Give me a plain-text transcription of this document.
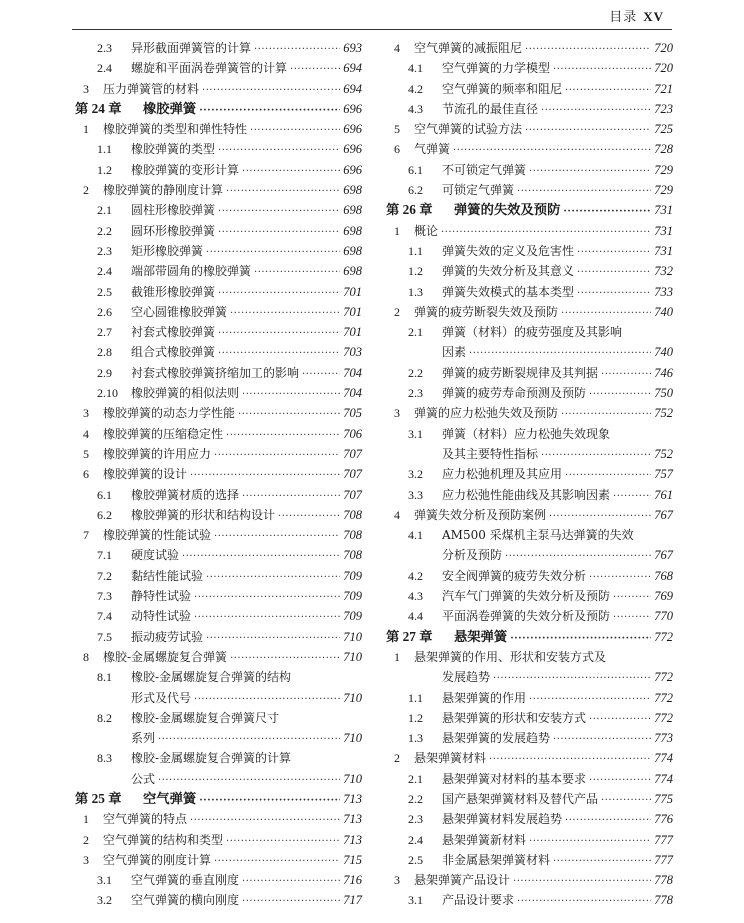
目录 XV
2.3	异形截面弹簧管的计算 ·····	693
2.4	螺旋和平面涡卷弹簧管的计算 ·····	694
3	压力弹簧管的材料 ·····	694
第 24 章	橡胶弹簧 ·····	696
1	橡胶弹簧的类型和弹性特性 ·····	696
1.1	橡胶弹簧的类型 ·····	696
1.2	橡胶弹簧的变形计算 ·····	696
2	橡胶弹簧的静刚度计算 ·····	698
2.1	圆柱形橡胶弹簧 ·····	698
2.2	圆环形橡胶弹簧 ·····	698
2.3	矩形橡胶弹簧 ·····	698
2.4	端部带圆角的橡胶弹簧 ·····	698
2.5	截锥形橡胶弹簧 ·····	701
2.6	空心圆锥橡胶弹簧 ·····	701
2.7	衬套式橡胶弹簧 ·····	701
2.8	组合式橡胶弹簧 ·····	703
2.9	衬套式橡胶弹簧挤缩加工的影响 ·····	704
2.10	橡胶弹簧的相似法则 ·····	704
3	橡胶弹簧的动态力学性能 ·····	705
4	橡胶弹簧的压缩稳定性 ·····	706
5	橡胶弹簧的许用应力 ·····	707
6	橡胶弹簧的设计 ·····	707
6.1	橡胶弹簧材质的选择 ·····	707
6.2	橡胶弹簧的形状和结构设计 ·····	708
7	橡胶弹簧的性能试验 ·····	708
7.1	硬度试验 ·····	708
7.2	黏结性能试验 ·····	709
7.3	静特性试验 ·····	709
7.4	动特性试验 ·····	709
7.5	振动疲劳试验 ·····	710
8	橡胶-金属螺旋复合弹簧 ·····	710
8.1	橡胶-金属螺旋复合弹簧的结构
形式及代号 ·····	710
8.2	橡胶-金属螺旋复合弹簧尺寸
系列 ·····	710
8.3	橡胶-金属螺旋复合弹簧的计算
公式 ·····	710
第 25 章	空气弹簧 ·····	713
1	空气弹簧的特点 ·····	713
2	空气弹簧的结构和类型 ·····	713
3	空气弹簧的刚度计算 ·····	715
3.1	空气弹簧的垂直刚度 ·····	716
3.2	空气弹簧的横向刚度 ·····	717
4	空气弹簧的减振阻尼 ·····	720
4.1	空气弹簧的力学模型 ·····	720
4.2	空气弹簧的频率和阻尼 ·····	721
4.3	节流孔的最佳直径 ·····	723
5	空气弹簧的试验方法 ·····	725
6	气弹簧 ·····	728
6.1	不可锁定气弹簧 ·····	729
6.2	可锁定气弹簧 ·····	729
第 26 章	弹簧的失效及预防 ·····	731
1	概论 ·····	731
1.1	弹簧失效的定义及危害性 ·····	731
1.2	弹簧的失效分析及其意义 ·····	732
1.3	弹簧失效模式的基本类型 ·····	733
2	弹簧的疲劳断裂失效及预防 ·····	740
2.1	弹簧（材料）的疲劳强度及其影响
因素 ·····	740
2.2	弹簧的疲劳断裂规律及其判据 ·····	746
2.3	弹簧的疲劳寿命预测及预防 ·····	750
3	弹簧的应力松弛失效及预防 ·····	752
3.1	弹簧（材料）应力松弛失效现象
及其主要特性指标 ·····	752
3.2	应力松弛机理及其应用 ·····	757
3.3	应力松弛性能曲线及其影响因素 ·····	761
4	弹簧失效分析及预防案例 ·····	767
4.1	AM500 采煤机主泵马达弹簧的失效
分析及预防 ·····	767
4.2	安全阀弹簧的疲劳失效分析 ·····	768
4.3	汽车气门弹簧的失效分析及预防 ·····	769
4.4	平面涡卷弹簧的失效分析及预防 ·····	770
第 27 章	悬架弹簧 ·····	772
1	悬架弹簧的作用、形状和安装方式及
发展趋势 ·····	772
1.1	悬架弹簧的作用 ·····	772
1.2	悬架弹簧的形状和安装方式 ·····	772
1.3	悬架弹簧的发展趋势 ·····	773
2	悬架弹簧材料 ·····	774
2.1	悬架弹簧对材料的基本要求 ·····	774
2.2	国产悬架弹簧材料及替代产品 ·····	775
2.3	悬架弹簧材料发展趋势 ·····	776
2.4	悬架弹簧新材料 ·····	777
2.5	非金属悬架弹簧材料 ·····	777
3	悬架弹簧产品设计 ·····	778
3.1	产品设计要求 ·····	778
